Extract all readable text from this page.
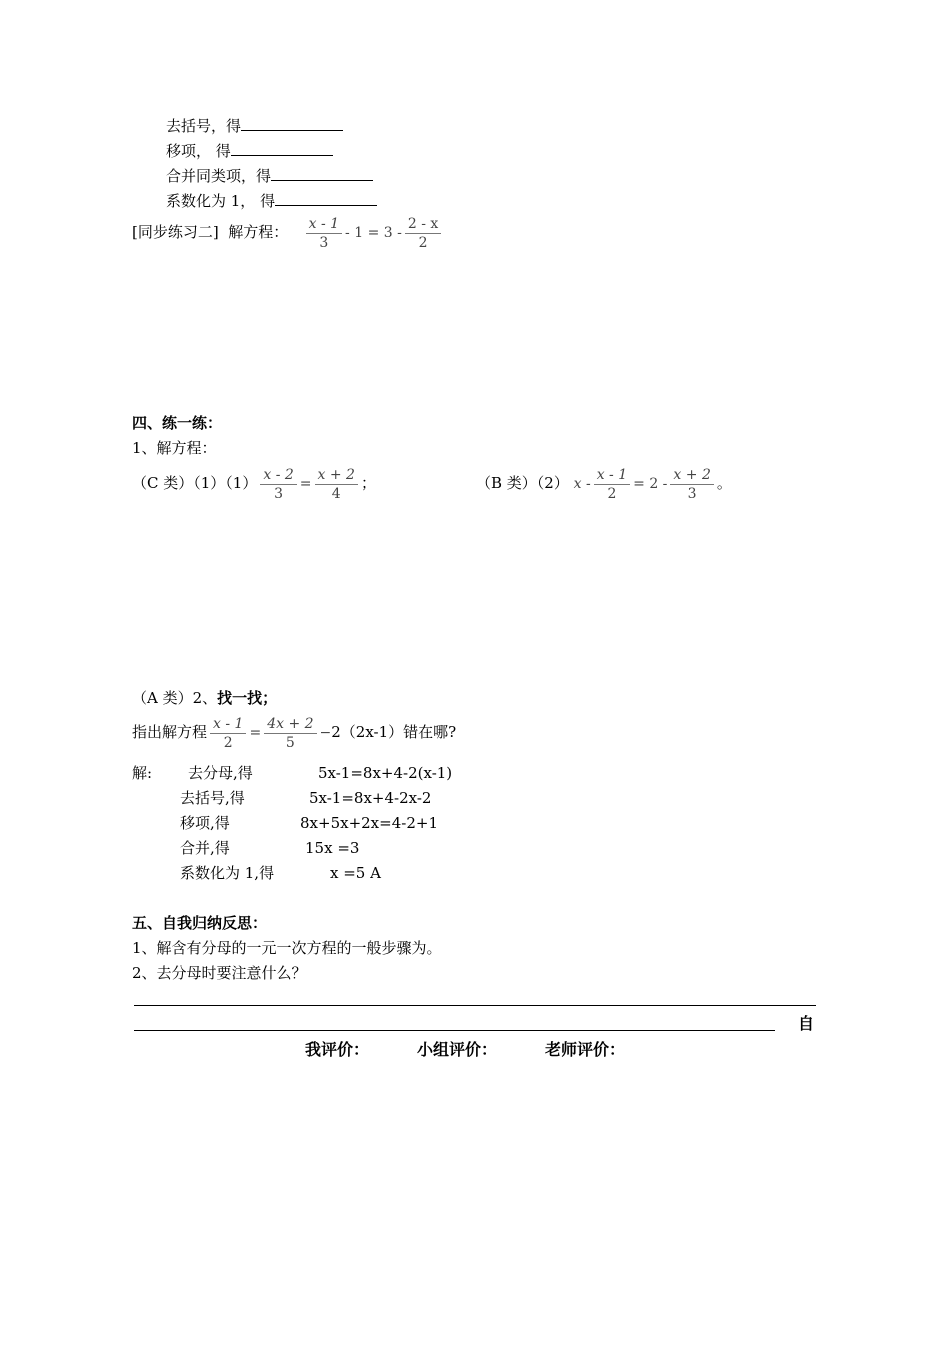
去括号，得
移项， 得
合并同类项，得
系数化为 1， 得
[同步练习二] 解方程： $\frac{x - 1}{3} - 1 = 3 - \frac{2 - x}{2}$
四、练一练：
1、解方程：
（C 类）$(1)(1) \frac{x - 2}{3} = \frac{x + 2}{4}$ ；	（B 类）（2） $x - \frac{x - 1}{2} = 2 - \frac{x + 2}{3}$ 。
（A 类）2、找一找；
指出解方程 $\frac{x - 1}{2} = \frac{4x + 2}{5} -2(2x-1)$错在哪?
解: 去分母,得	5x-1=8x+4-2(x-1)
去括号,得	5x-1=8x+4-2x-2
移项,得	8x+5x+2x=4-2+1
合并,得	15x =3
系数化为 1,得	x =5 A
五、自我归纳反思：
1、解含有分母的一元一次方程的一般步骤为。
2、去分母时要注意什么？
自
我评价：	小组评价：	老师评价：
